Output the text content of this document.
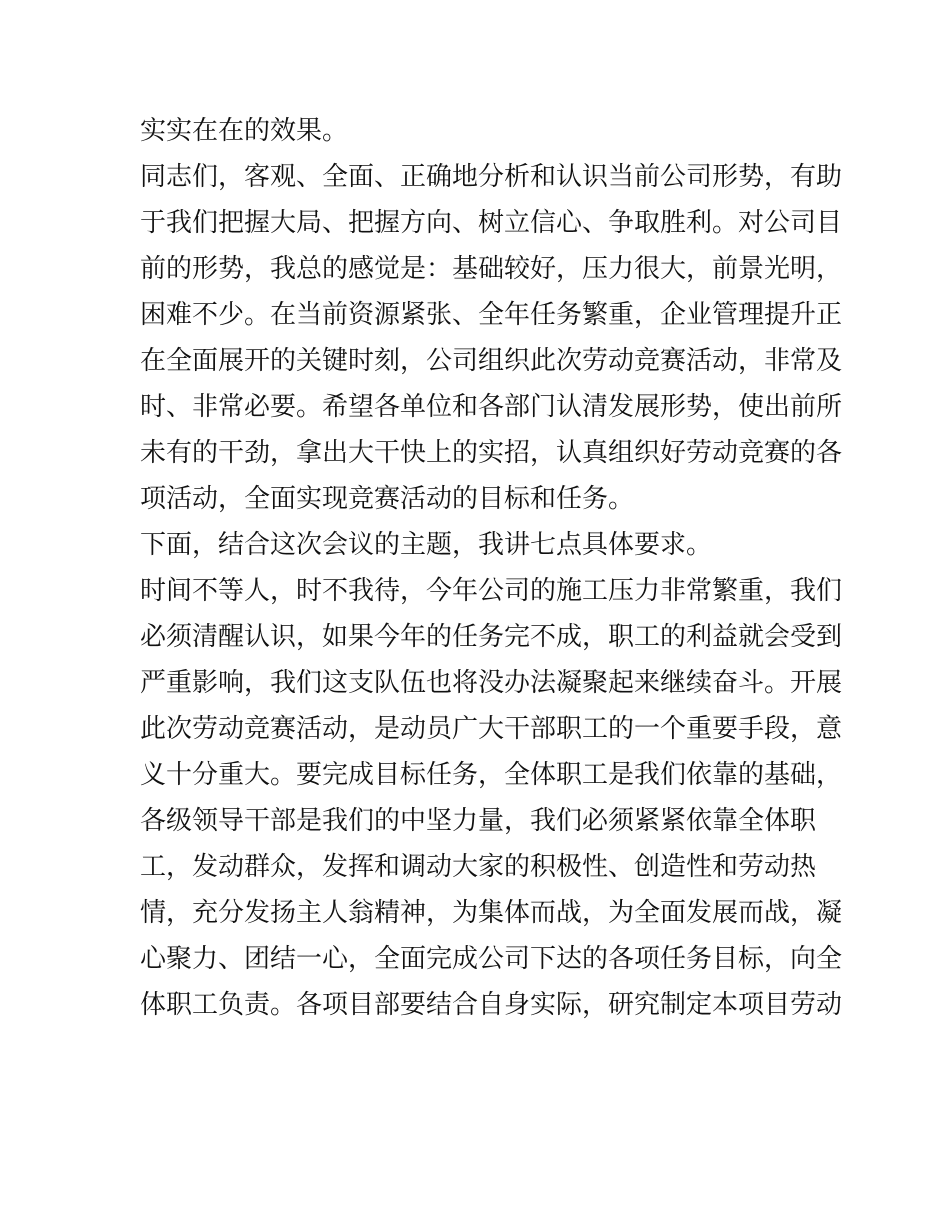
实实在在的效果。

同志们，客观、全面、正确地分析和认识当前公司形势，有助

于我们把握大局、把握方向、树立信心、争取胜利。对公司目

前的形势，我总的感觉是：基础较好，压力很大，前景光明，

困难不少。在当前资源紧张、全年任务繁重，企业管理提升正

在全面展开的关键时刻，公司组织此次劳动竞赛活动，非常及

时、非常必要。希望各单位和各部门认清发展形势，使出前所

未有的干劲，拿出大干快上的实招，认真组织好劳动竞赛的各

项活动，全面实现竞赛活动的目标和任务。

下面，结合这次会议的主题，我讲七点具体要求。

时间不等人，时不我待，今年公司的施工压力非常繁重，我们

必须清醒认识，如果今年的任务完不成，职工的利益就会受到

严重影响，我们这支队伍也将没办法凝聚起来继续奋斗。开展

此次劳动竞赛活动，是动员广大干部职工的一个重要手段，意

义十分重大。要完成目标任务，全体职工是我们依靠的基础，

各级领导干部是我们的中坚力量，我们必须紧紧依靠全体职

工，发动群众，发挥和调动大家的积极性、创造性和劳动热

情，充分发扬主人翁精神，为集体而战，为全面发展而战，凝

心聚力、团结一心，全面完成公司下达的各项任务目标，向全

体职工负责。各项目部要结合自身实际，研究制定本项目劳动
